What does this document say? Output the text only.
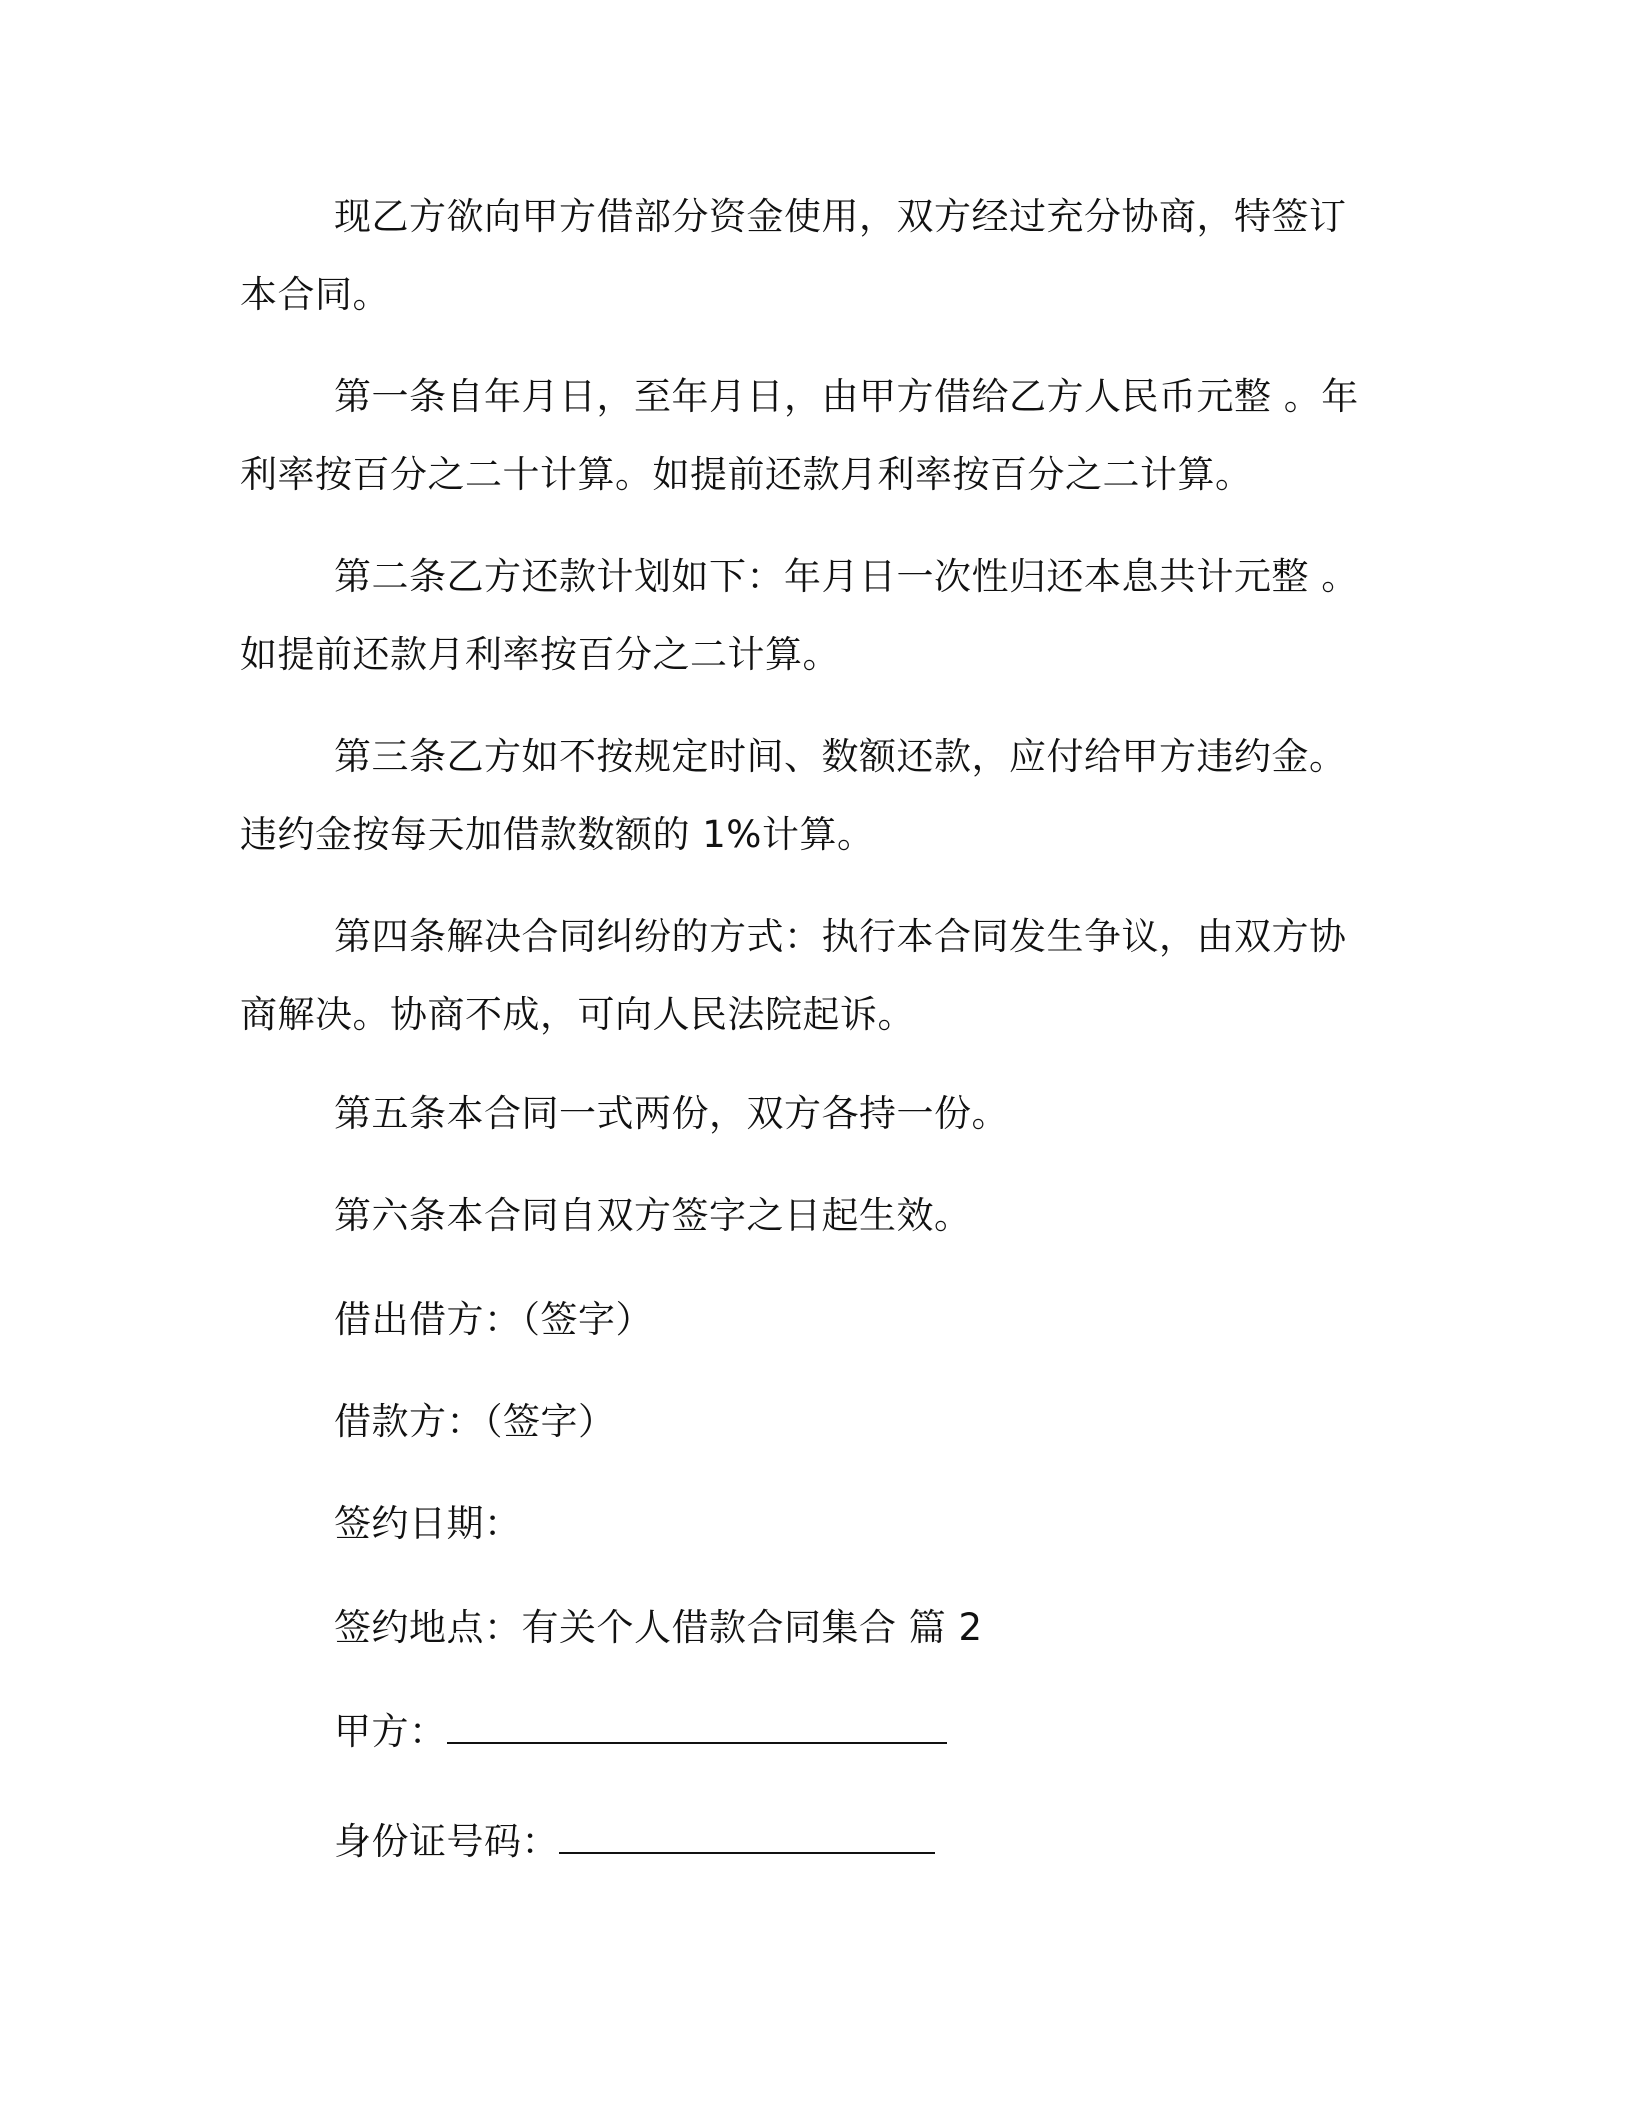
现乙方欲向甲方借部分资金使用，双方经过充分协商，特签订本合同。

第一条自年月日，至年月日，由甲方借给乙方人民币元整 。年利率按百分之二十计算。如提前还款月利率按百分之二计算。

第二条乙方还款计划如下：年月日一次性归还本息共计元整 。如提前还款月利率按百分之二计算。

第三条乙方如不按规定时间、数额还款，应付给甲方违约金。违约金按每天加借款数额的 1%计算。

第四条解决合同纠纷的方式：执行本合同发生争议，由双方协商解决。协商不成，可向人民法院起诉。

第五条本合同一式两份，双方各持一份。

第六条本合同自双方签字之日起生效。

借出借方：（签字）

借款方：（签字）

签约日期：

签约地点：有关个人借款合同集合 篇 2

甲方：

身份证号码：
